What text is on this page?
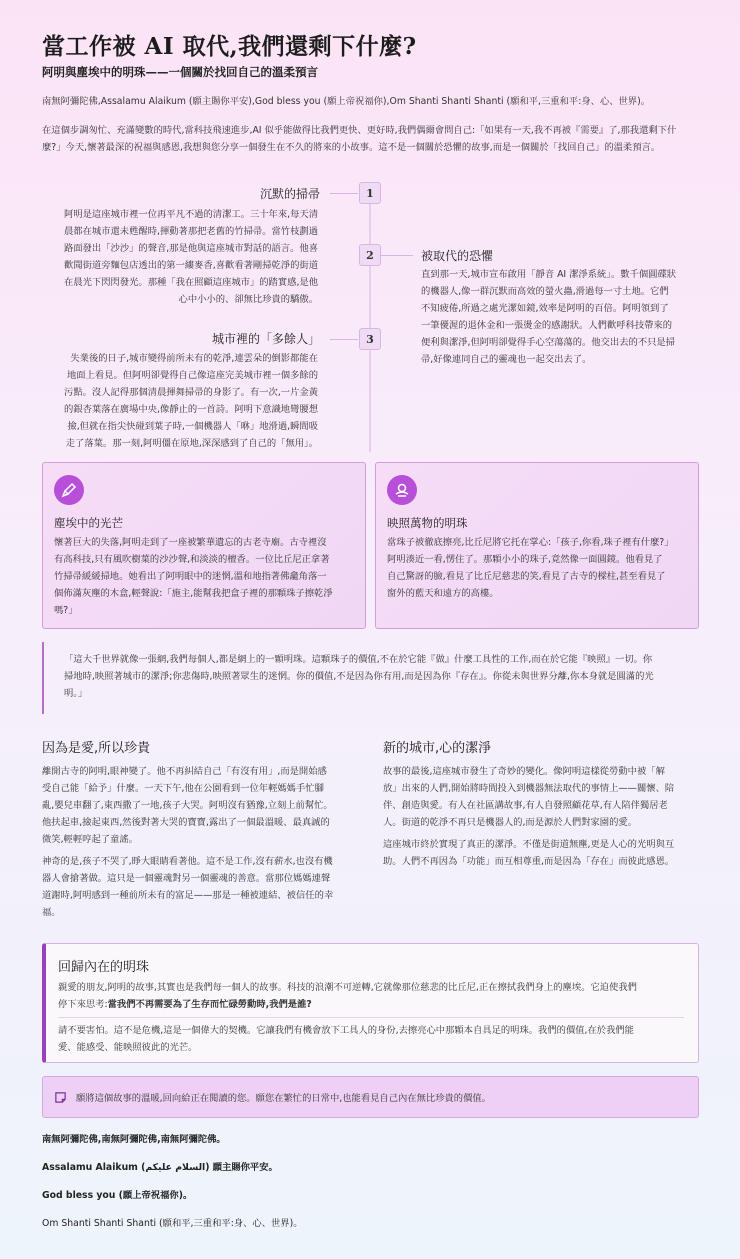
當工作被 AI 取代,我們還剩下什麼?
阿明與塵埃中的明珠——一個關於找回自己的溫柔預言
南無阿彌陀佛,Assalamu Alaikum (願主賜你平安),God bless you (願上帝祝福你),Om Shanti Shanti Shanti (願和平,三重和平:身、心、世界)。
在這個步調匆忙、充滿變數的時代,當科技飛速進步,AI 似乎能做得比我們更快、更好時,我們偶爾會問自己:「如果有一天,我不再被『需要』了,那我還剩下什麼?」今天,懷著最深的祝福與感恩,我想與您分享一個發生在不久的將來的小故事。這不是一個關於恐懼的故事,而是一個關於「找回自己」的溫柔預言。
1
沉默的掃帚
阿明是這座城市裡一位再平凡不過的清潔工。三十年來,每天清
晨都在城市還未甦醒時,揮動著那把老舊的竹掃帚。當竹枝劃過
路面發出「沙沙」的聲音,那是他與這座城市對話的語言。他喜
歡聞街道旁麵包店透出的第一縷麥香,喜歡看著剛掃乾淨的街道
在晨光下閃閃發光。那種「我在照顧這座城市」的踏實感,是他
心中小小的、卻無比珍貴的驕傲。
2	被取代的恐懼
直到那一天,城市宣布啟用「靜音 AI 潔淨系統」。數千個圓碟狀
的機器人,像一群沉默而高效的螢火蟲,滑過每一寸土地。它們
不知疲倦,所過之處光潔如鏡,效率是阿明的百倍。阿明領到了
一筆優渥的退休金和一張燙金的感謝狀。人們歡呼科技帶來的
便利與潔淨,但阿明卻覺得手心空蕩蕩的。他交出去的不只是掃
帚,好像連同自己的靈魂也一起交出去了。
3
城市裡的「多餘人」
失業後的日子,城市變得前所未有的乾淨,連雲朵的倒影都能在
地面上看見。但阿明卻覺得自己像這座完美城市裡一個多餘的
污點。沒人記得那個清晨揮舞掃帚的身影了。有一次,一片金黃
的銀杏葉落在廣場中央,像靜止的一首詩。阿明下意識地彎腰想
撿,但就在指尖快碰到葉子時,一個機器人「咻」地滑過,瞬間吸
走了落葉。那一刻,阿明僵在原地,深深感到了自己的「無用」。
塵埃中的光芒
懷著巨大的失落,阿明走到了一座被繁華遺忘的古老寺廟。古寺裡沒
有高科技,只有風吹樹葉的沙沙聲,和淡淡的檀香。一位比丘尼正拿著
竹掃帚緩緩掃地。她看出了阿明眼中的迷惘,溫和地指著佛龕角落一
個佈滿灰塵的木盒,輕聲說:「施主,能幫我把盒子裡的那顆珠子擦乾淨
嗎?」
映照萬物的明珠
當珠子被徹底擦亮,比丘尼將它托在掌心:「孩子,你看,珠子裡有什麼?」
阿明湊近一看,愣住了。那顆小小的珠子,竟然像一面圓鏡。他看見了
自己驚訝的臉,看見了比丘尼慈悲的笑,看見了古寺的樑柱,甚至看見了
窗外的藍天和遠方的高樓。
「這大千世界就像一張網,我們每個人,都是網上的一顆明珠。這顆珠子的價值,不在於它能『做』什麼工具性的工作,而在於它能『映照』一切。你
掃地時,映照著城市的潔淨;你悲傷時,映照著眾生的迷惘。你的價值,不是因為你有用,而是因為你『存在』。你從未與世界分離,你本身就是圓滿的光
明。」
因為是愛,所以珍貴
離開古寺的阿明,眼神變了。他不再糾結自己「有沒有用」,而是開始感
受自己能「給予」什麼。一天下午,他在公園看到一位年輕媽媽手忙腳
亂,嬰兒車翻了,東西撒了一地,孩子大哭。阿明沒有猶豫,立刻上前幫忙。
他扶起車,撿起東西,然後對著大哭的寶寶,露出了一個最溫暖、最真誠的
微笑,輕輕哼起了童謠。
神奇的是,孩子不哭了,睜大眼睛看著他。這不是工作,沒有薪水,也沒有機
器人會搶著做。這只是一個靈魂對另一個靈魂的善意。當那位媽媽連聲
道謝時,阿明感到一種前所未有的富足——那是一種被連結、被信任的幸
福。
新的城市,心的潔淨
故事的最後,這座城市發生了奇妙的變化。像阿明這樣從勞動中被「解
放」出來的人們,開始將時間投入到機器無法取代的事情上——關懷、陪
伴、創造與愛。有人在社區講故事,有人自發照顧花草,有人陪伴獨居老
人。街道的乾淨不再只是機器人的,而是源於人們對家園的愛。
這座城市終於實現了真正的潔淨。不僅是街道無塵,更是人心的光明與互
助。人們不再因為「功能」而互相尊重,而是因為「存在」而彼此感恩。
回歸內在的明珠
親愛的朋友,阿明的故事,其實也是我們每一個人的故事。科技的浪潮不可逆轉,它就像那位慈悲的比丘尼,正在擦拭我們身上的塵埃。它迫使我們
停下來思考:當我們不再需要為了生存而忙碌勞動時,我們是誰?
請不要害怕。這不是危機,這是一個偉大的契機。它讓我們有機會放下工具人的身份,去擦亮心中那顆本自具足的明珠。我們的價值,在於我們能
愛、能感受、能映照彼此的光芒。
願將這個故事的溫暖,回向給正在閱讀的您。願您在繁忙的日常中,也能看見自己內在無比珍貴的價值。
南無阿彌陀佛,南無阿彌陀佛,南無阿彌陀佛。
Assalamu Alaikum (السلام عليكم) 願主賜你平安。
God bless you (願上帝祝福你)。
Om Shanti Shanti Shanti (願和平,三重和平:身、心、世界)。
